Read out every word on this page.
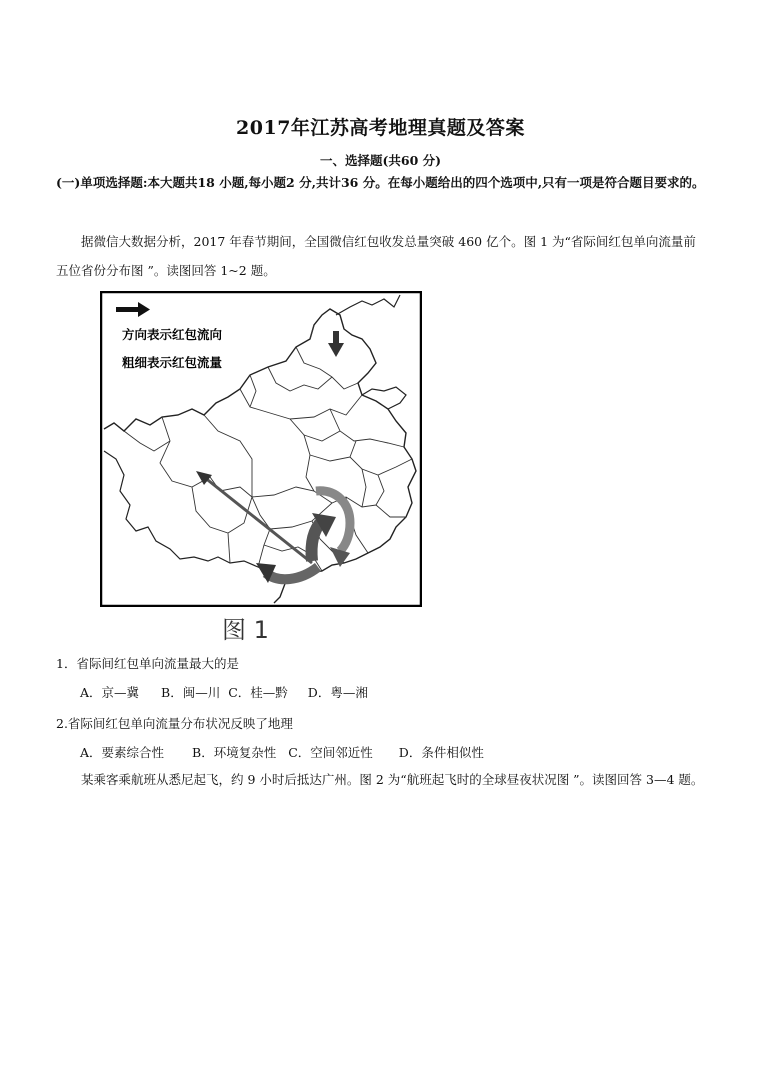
2017年江苏高考地理真题及答案
一、选择题(共60 分)
(一)单项选择题:本大题共18 小题,每小题2 分,共计36 分。在每小题给出的四个选项中,只有一项是符合题目要求的。
据微信大数据分析，2017 年春节期间，全国微信红包收发总量突破 460 亿个。图 1 为“省际间红包单向流量前五位省份分布图 ”。读图回答 1~2 题。
方向表示红包流向
粗细表示红包流量
图 1
1．省际间红包单向流量最大的是
A．京—冀 B．闽—川 C．桂—黔 D．粤—湘
2.省际间红包单向流量分布状况反映了地理
A．要素综合性 B．环境复杂性 C．空间邻近性 D．条件相似性
某乘客乘航班从悉尼起飞，约 9 小时后抵达广州。图 2 为“航班起飞时的全球昼夜状况图 ”。读图回答 3—4 题。
